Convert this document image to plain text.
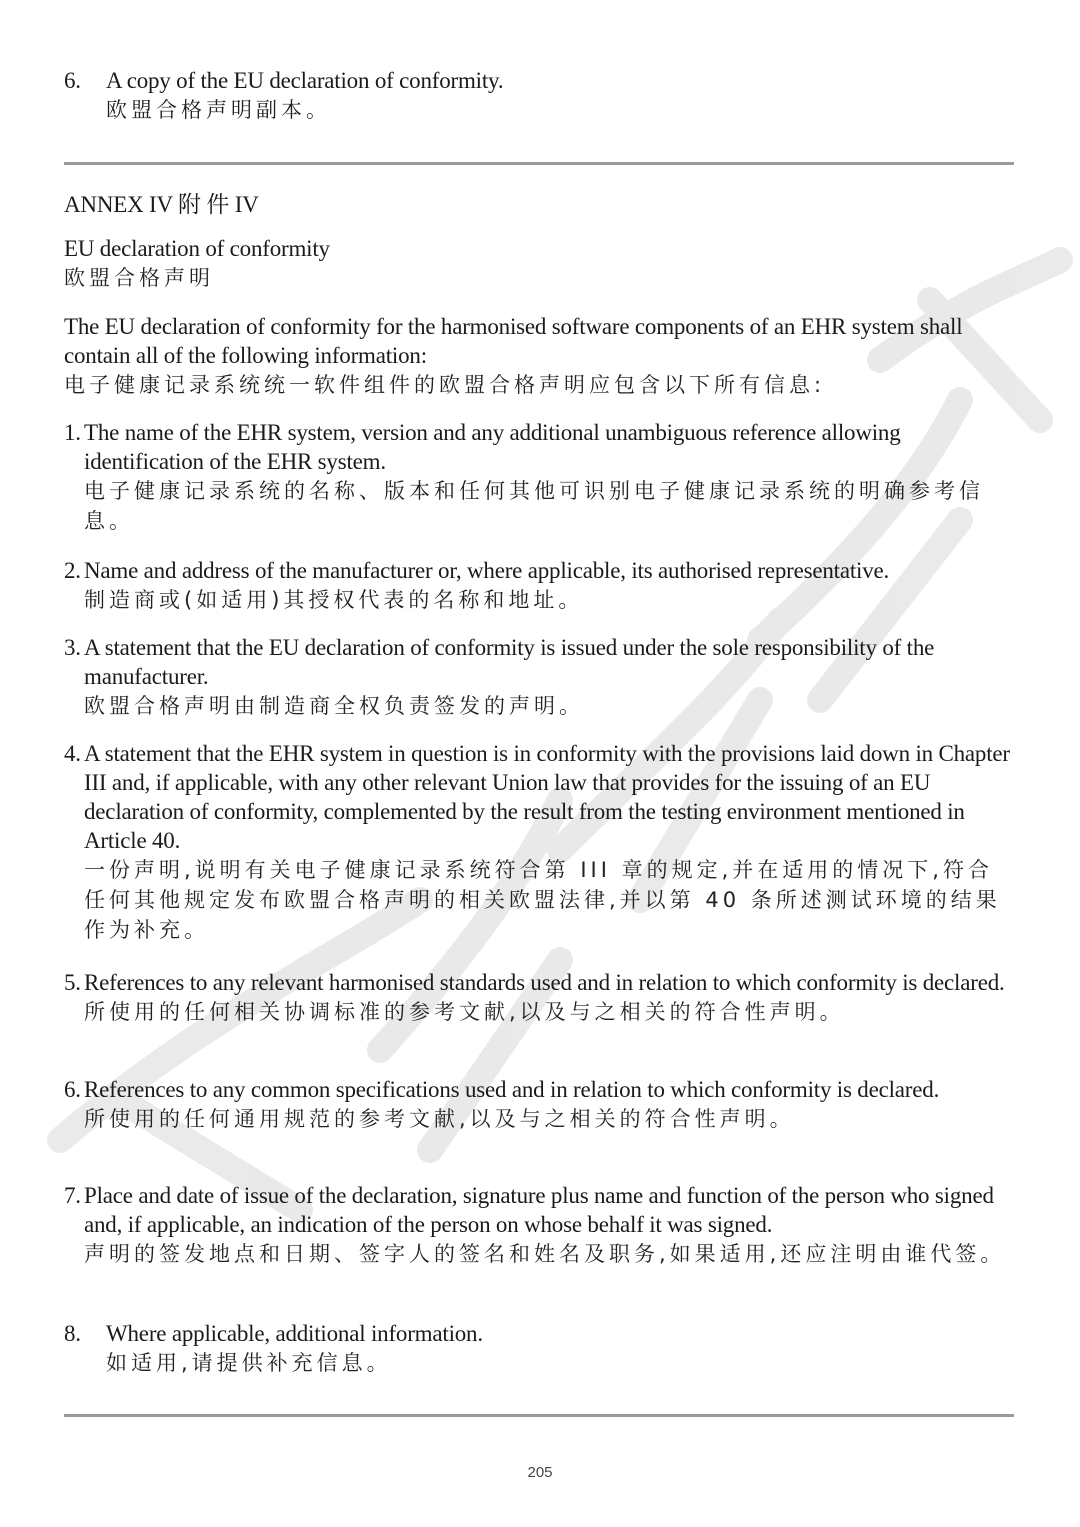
6. A copy of the EU declaration of conformity.
欧盟合格声明副本。
ANNEX IV 附 件 IV
EU declaration of conformity
欧盟合格声明
The EU declaration of conformity for the harmonised software components of an EHR system shall contain all of the following information:
电子健康记录系统统一软件组件的欧盟合格声明应包含以下所有信息:
1. The name of the EHR system, version and any additional unambiguous reference allowing identification of the EHR system.
电子健康记录系统的名称、版本和任何其他可识别电子健康记录系统的明确参考信息。
2. Name and address of the manufacturer or, where applicable, its authorised representative.
制造商或(如适用)其授权代表的名称和地址。
3. A statement that the EU declaration of conformity is issued under the sole responsibility of the manufacturer.
欧盟合格声明由制造商全权负责签发的声明。
4. A statement that the EHR system in question is in conformity with the provisions laid down in Chapter III and, if applicable, with any other relevant Union law that provides for the issuing of an EU declaration of conformity, complemented by the result from the testing environment mentioned in Article 40.
一份声明,说明有关电子健康记录系统符合第 III 章的规定,并在适用的情况下,符合任何其他规定发布欧盟合格声明的相关欧盟法律,并以第 40 条所述测试环境的结果作为补充。
5. References to any relevant harmonised standards used and in relation to which conformity is declared.
所使用的任何相关协调标准的参考文献,以及与之相关的符合性声明。
6. References to any common specifications used and in relation to which conformity is declared.
所使用的任何通用规范的参考文献,以及与之相关的符合性声明。
7. Place and date of issue of the declaration, signature plus name and function of the person who signed and, if applicable, an indication of the person on whose behalf it was signed.
声明的签发地点和日期、签字人的签名和姓名及职务,如果适用,还应注明由谁代签。
8. Where applicable, additional information.
如适用,请提供补充信息。
205
